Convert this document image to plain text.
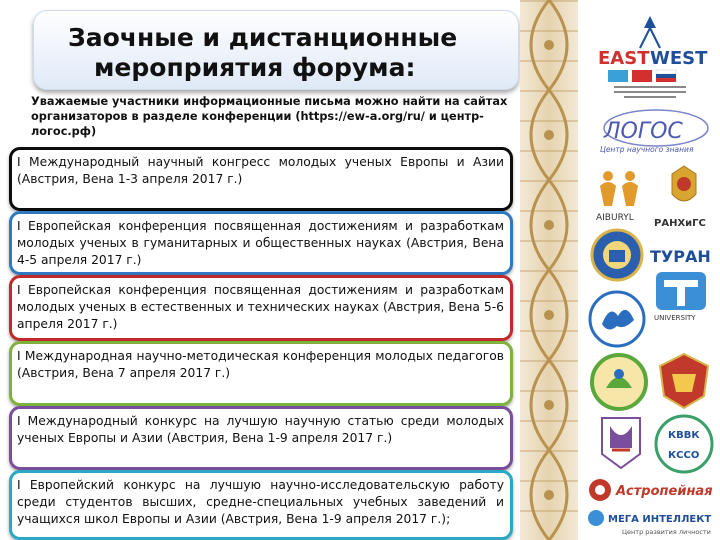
Заочные и дистанционные
мероприятия форума:
Уважаемые участники информационные письма можно найти на сайтах организаторов в разделе конференции (https://ew-a.org/ru/ и центр-логос.рф)
I Международный научный конгресс молодых ученых Европы и Азии (Австрия, Вена 1-3 апреля 2017 г.)
I Европейская конференция посвященная достижениям и разработкам молодых ученых в гуманитарных и общественных науках (Австрия, Вена 4-5 апреля 2017 г.)
I Европейская конференция посвященная достижениям и разработкам молодых ученых в естественных и технических науках (Австрия, Вена 5-6 апреля 2017 г.)
I Международная научно-методическая конференция молодых педагогов (Австрия, Вена 7 апреля 2017 г.)
I Международный конкурс на лучшую научную статью среди молодых ученых Европы и Азии (Австрия, Вена 1-9 апреля 2017 г.)
I Европейский конкурс на лучшую научно-исследовательскую работу среди студентов высших, средне-специальных учебных заведений и учащихся школ Европы и Азии (Австрия, Вена 1-9 апреля 2017 г.);
EAST WEST
ЛОГОС
Центр научного знания
AIBURYL РАНХиГС
ТУРАН
UNIVERSITY
КВВК
КССО
Астропейная
МЕГА ИНТЕЛЛЕКТ
Центр развития личности
